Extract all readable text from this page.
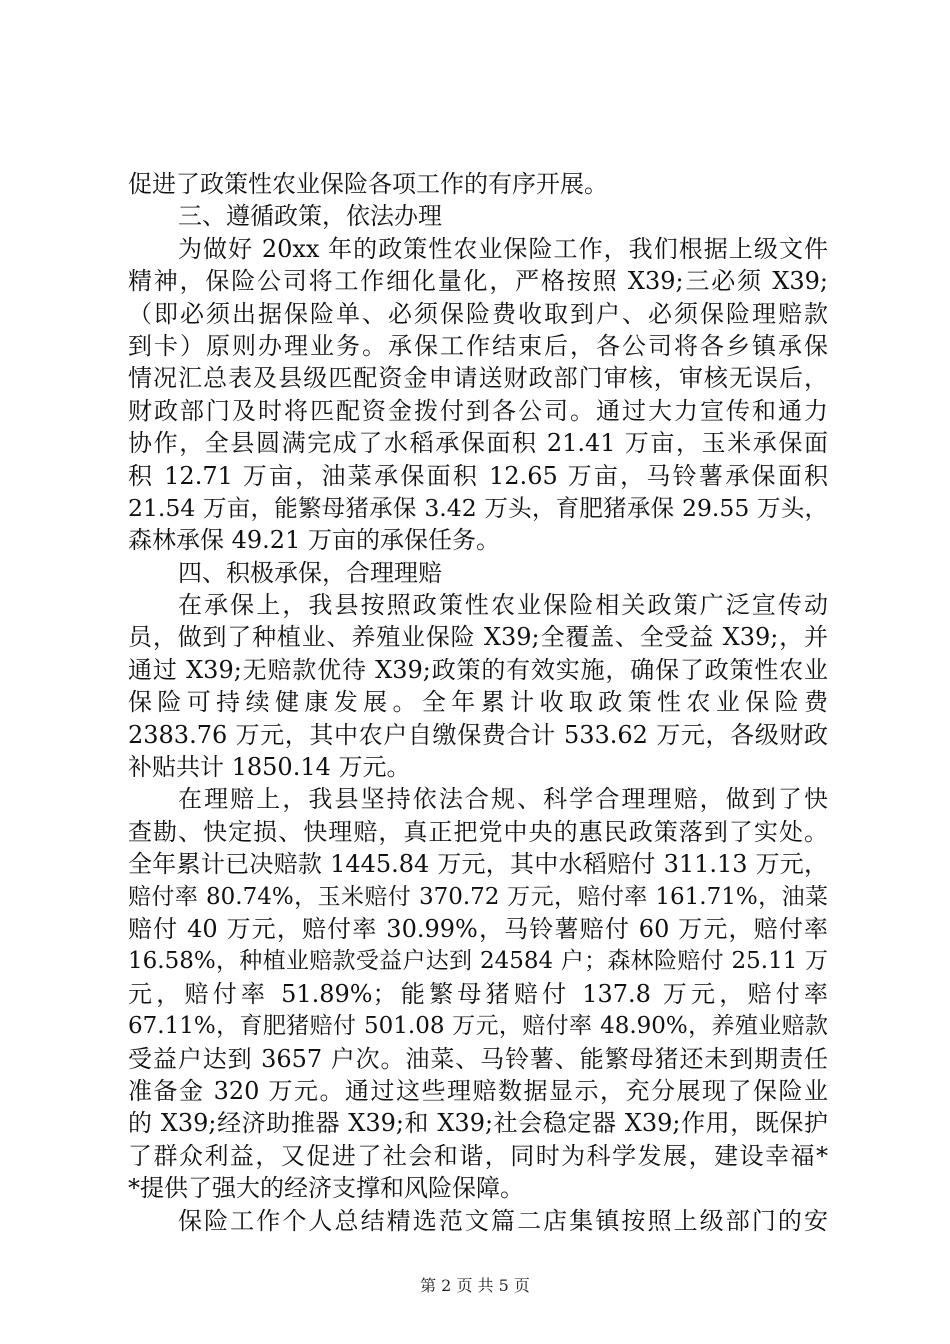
促进了政策性农业保险各项工作的有序开展。
三、遵循政策，依法办理
为做好 20xx 年的政策性农业保险工作，我们根据上级文件
精神，保险公司将工作细化量化，严格按照 X39;三必须 X39;
（即必须出据保险单、必须保险费收取到户、必须保险理赔款
到卡）原则办理业务。承保工作结束后，各公司将各乡镇承保
情况汇总表及县级匹配资金申请送财政部门审核，审核无误后，
财政部门及时将匹配资金拨付到各公司。通过大力宣传和通力
协作，全县圆满完成了水稻承保面积 21.41 万亩，玉米承保面
积 12.71 万亩，油菜承保面积 12.65 万亩，马铃薯承保面积
21.54 万亩，能繁母猪承保 3.42 万头，育肥猪承保 29.55 万头，
森林承保 49.21 万亩的承保任务。
四、积极承保，合理理赔
在承保上，我县按照政策性农业保险相关政策广泛宣传动
员，做到了种植业、养殖业保险 X39;全覆盖、全受益 X39;，并
通过 X39;无赔款优待 X39;政策的有效实施，确保了政策性农业
保险可持续健康发展。全年累计收取政策性农业保险费
2383.76 万元，其中农户自缴保费合计 533.62 万元，各级财政
补贴共计 1850.14 万元。
在理赔上，我县坚持依法合规、科学合理理赔，做到了快
查勘、快定损、快理赔，真正把党中央的惠民政策落到了实处。
全年累计已决赔款 1445.84 万元，其中水稻赔付 311.13 万元，
赔付率 80.74%，玉米赔付 370.72 万元，赔付率 161.71%，油菜
赔付 40 万元，赔付率 30.99%，马铃薯赔付 60 万元，赔付率
16.58%，种植业赔款受益户达到 24584 户；森林险赔付 25.11 万
元，赔付率 51.89%；能繁母猪赔付 137.8 万元，赔付率
67.11%，育肥猪赔付 501.08 万元，赔付率 48.90%，养殖业赔款
受益户达到 3657 户次。油菜、马铃薯、能繁母猪还未到期责任
准备金 320 万元。通过这些理赔数据显示，充分展现了保险业
的 X39;经济助推器 X39;和 X39;社会稳定器 X39;作用，既保护
了群众利益，又促进了社会和谐，同时为科学发展，建设幸福*
*提供了强大的经济支撑和风险保障。
保险工作个人总结精选范文篇二店集镇按照上级部门的安
第 2 页 共 5 页
